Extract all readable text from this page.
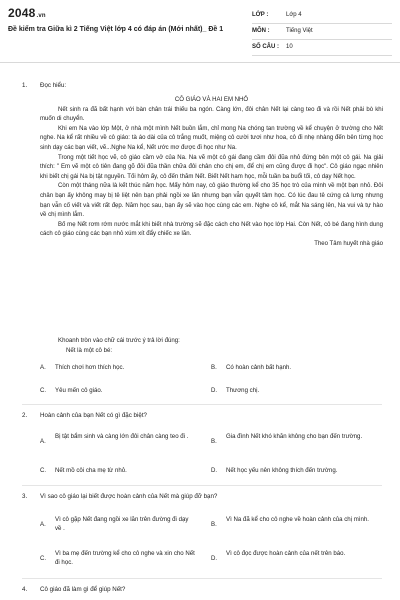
2048.vn
Đề kiểm tra Giữa kì 2 Tiếng Việt lớp 4 có đáp án (Mới nhất)_ Đề 1
LỚP :	Lớp 4
MÔN :	Tiếng Việt
SỐ CÂU : 10
1. Đọc hiểu:
CÔ GIÁO VÀ HAI EM NHỎ

Nết sinh ra đã bất hạnh với bàn chân trái thiếu ba ngón. Càng lớn, đôi chân Nết lại càng teo đi và rồi Nết phải bò khi muốn di chuyển.

Khi em Na vào lớp Một, ở nhà một mình Nết buồn lắm, chỉ mong Na chóng tan trường về kể chuyện ở trường cho Nết nghe. Na kể rất nhiều về cô giáo: tà áo dài của cô trắng muốt, miệng cô cười tươi như hoa, cô đi nhẹ nhàng đến bên từng học sinh dạy các bạn viết, vẽ...Nghe Na kể, Nết ước mơ được đi học như Na.

Trong một tiết học vẽ, cô giáo cầm vở của Na. Na vẽ một cô gái đang cầm đôi đũa nhỏ đứng bên một cô gái. Na giải thích: " Em vẽ một cô tiên đang gõ đôi đũa thần chữa đôi chân cho chị em, để chị em cũng được đi học". Cô giáo ngạc nhiên khi biết chị gái Na bị tật nguyền. Tối hôm ấy, cô đến thăm Nết. Biết Nết ham học, mỗi tuần ba buổi tối, cô dạy Nết học.

Còn một tháng nữa là kết thúc năm học. Mấy hôm nay, cô giáo thường kể cho 35 học trò của mình về một bạn nhỏ. Đôi chân bạn ấy không may bị tê liệt nên bạn phải ngồi xe lăn nhưng bạn vẫn quyết tâm học. Có lúc đau tê cứng cả lưng nhưng bạn vẫn cố viết và viết rất đẹp. Năm học sau, bạn ấy sẽ vào học cùng các em. Nghe cô kể, mắt Na sáng lên, Na vui và tự hào về chị mình lắm.

Bố mẹ Nết rơm rớm nước mắt khi biết nhà trường sẽ đặc cách cho Nết vào học lớp Hai. Còn Nết, cô bé đang hình dung cách cô giáo cùng các bạn nhỏ xúm xít đẩy chiếc xe lăn.

Theo Tâm huyết nhà giáo

Khoanh tròn vào chữ cái trước ý trả lời đúng:
Nết là một cô bé:
A. Thích chơi hơn thích học.	B. Có hoàn cảnh bất hạnh.
C. Yêu mến cô giáo.	D. Thương chị.
2. Hoàn cảnh của bạn Nết có gì đặc biệt?
A.
Bị tật bẩm sinh và càng lớn đôi chân càng teo đi .
B.
Gia đình Nết khó khăn không cho bạn đến trường.
C. Nết mồ côi cha mẹ từ nhỏ.	D. Nết học yếu nên không thích đến trường.
3. Vì sao cô giáo lại biết được hoàn cảnh của Nết mà giúp đỡ bạn?
A.
Vì cô gặp Nết đang ngồi xe lăn trên đường đi dạy về .
B.
Vì Na đã kể cho cô nghe về hoàn cảnh của chị mình.
C.
Vì ba mẹ đến trường kể cho cô nghe và xin cho Nết đi học.
D.
Vì cô đọc được hoàn cảnh của nết trên báo.
4. Cô giáo đã làm gì để giúp Nết?
